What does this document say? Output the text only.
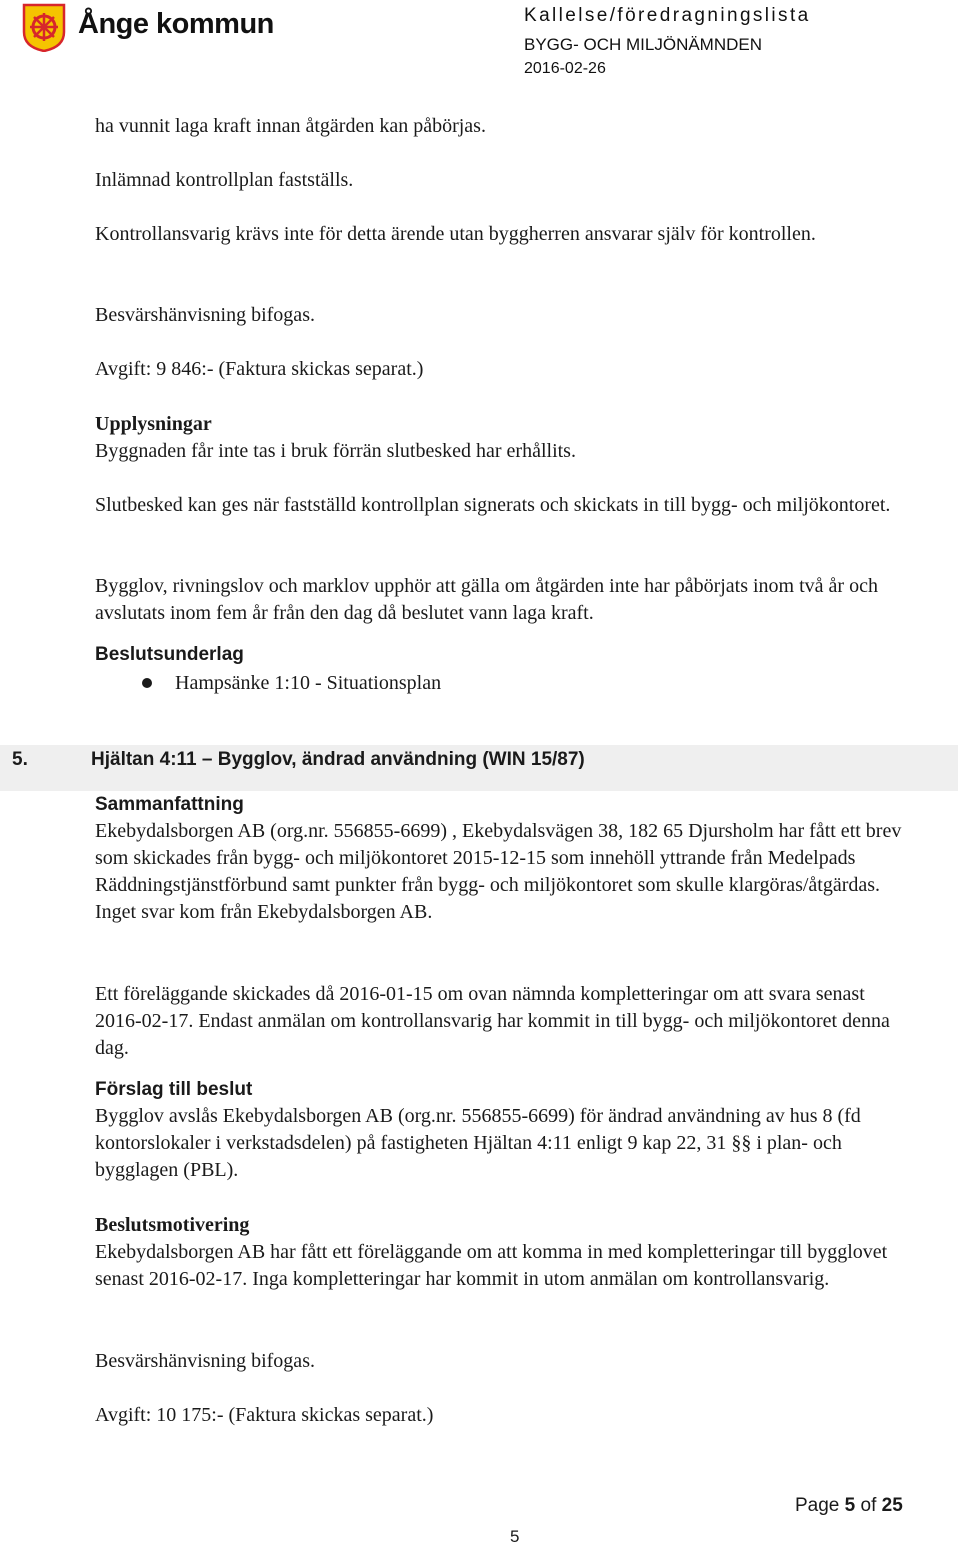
Ånge kommun	Kallelse/föredragningslista
BYGG- OCH MILJÖNÄMNDEN
2016-02-26
ha vunnit laga kraft innan åtgärden kan påbörjas.
Inlämnad kontrollplan fastställs.
Kontrollansvarig krävs inte för detta ärende utan byggherren ansvarar själv för kontrollen.
Besvärshänvisning bifogas.
Avgift: 9 846:- (Faktura skickas separat.)
Upplysningar
Byggnaden får inte tas i bruk förrän slutbesked har erhållits.
Slutbesked kan ges när fastställd kontrollplan signerats och skickats in till bygg- och miljökontoret.
Bygglov, rivningslov och marklov upphör att gälla om åtgärden inte har påbörjats inom två år och avslutats inom fem år från den dag då beslutet vann laga kraft.
Beslutsunderlag
Hampsänke 1:10 - Situationsplan
5.	Hjältan 4:11 – Bygglov, ändrad användning (WIN 15/87)
Sammanfattning
Ekebydalsborgen AB (org.nr. 556855-6699) , Ekebydalsvägen 38, 182 65 Djursholm har fått ett brev som skickades från bygg- och miljökontoret 2015-12-15 som innehöll yttrande från Medelpads Räddningstjänstförbund samt punkter från bygg- och miljökontoret som skulle klargöras/åtgärdas. Inget svar kom från Ekebydalsborgen AB.
Ett föreläggande skickades då 2016-01-15 om ovan nämnda kompletteringar om att svara senast 2016-02-17. Endast anmälan om kontrollansvarig har kommit in till bygg- och miljökontoret denna dag.
Förslag till beslut
Bygglov avslås Ekebydalsborgen AB (org.nr. 556855-6699) för ändrad användning av hus 8 (fd kontorslokaler i verkstadsdelen) på fastigheten Hjältan 4:11 enligt 9 kap 22, 31 §§ i plan- och bygglagen (PBL).
Beslutsmotivering
Ekebydalsborgen AB har fått ett föreläggande om att komma in med kompletteringar till bygglovet senast 2016-02-17. Inga kompletteringar har kommit in utom anmälan om kontrollansvarig.
Besvärshänvisning bifogas.
Avgift: 10 175:- (Faktura skickas separat.)
Page 5 of 25
5
